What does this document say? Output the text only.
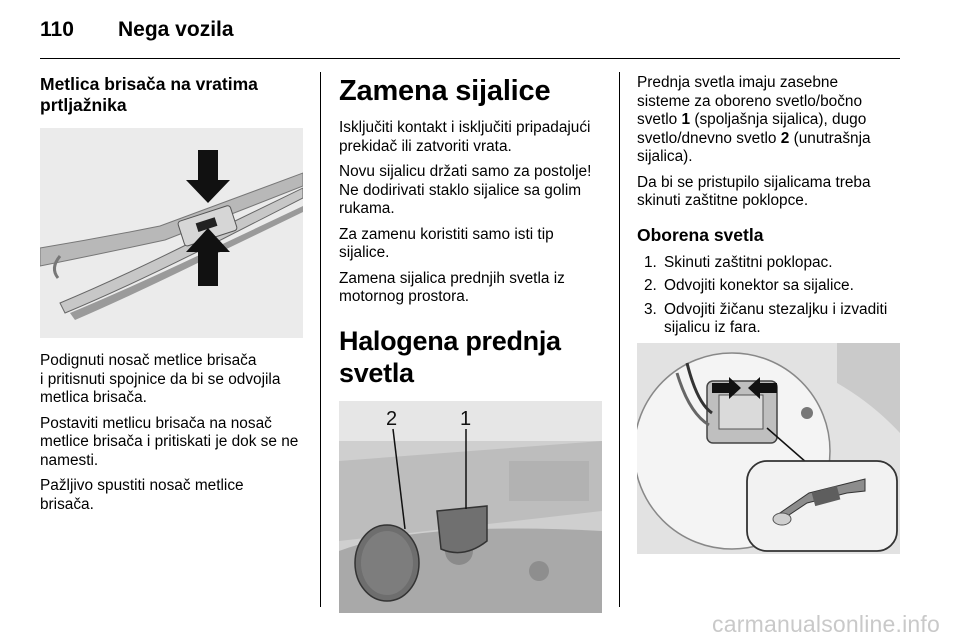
110 Nega vozila
Metlica brisača na vratima
prtljažnika

Podignuti nosač metlice brisača
i pritisnuti spojnice da bi se odvojila
metlica brisača.

Postaviti metlicu brisača na nosač
metlice brisača i pritiskati je dok se ne
namesti.

Pažljivo spustiti nosač metlice
brisača.

Zamena sijalice

Isključiti kontakt i isključiti pripadajući
prekidač ili zatvoriti vrata.

Novu sijalicu držati samo za postolje!
Ne dodirivati staklo sijalice sa golim
rukama.

Za zamenu koristiti samo isti tip
sijalice.

Zamena sijalica prednjih svetla iz
motornog prostora.

Halogena prednja svetla
2	1

Prednja svetla imaju zasebne
sisteme za oboreno svetlo/bočno
svetlo 1 (spoljašnja sijalica), dugo
svetlo/dnevno svetlo 2 (unutrašnja
sijalica).

Da bi se pristupilo sijalicama treba
skinuti zaštitne poklopce.

Oborena svetla
1. Skinuti zaštitni poklopac.
2. Odvojiti konektor sa sijalice.
3. Odvojiti žičanu stezaljku i izvaditi
sijalicu iz fara.
carmanualsonline.info
